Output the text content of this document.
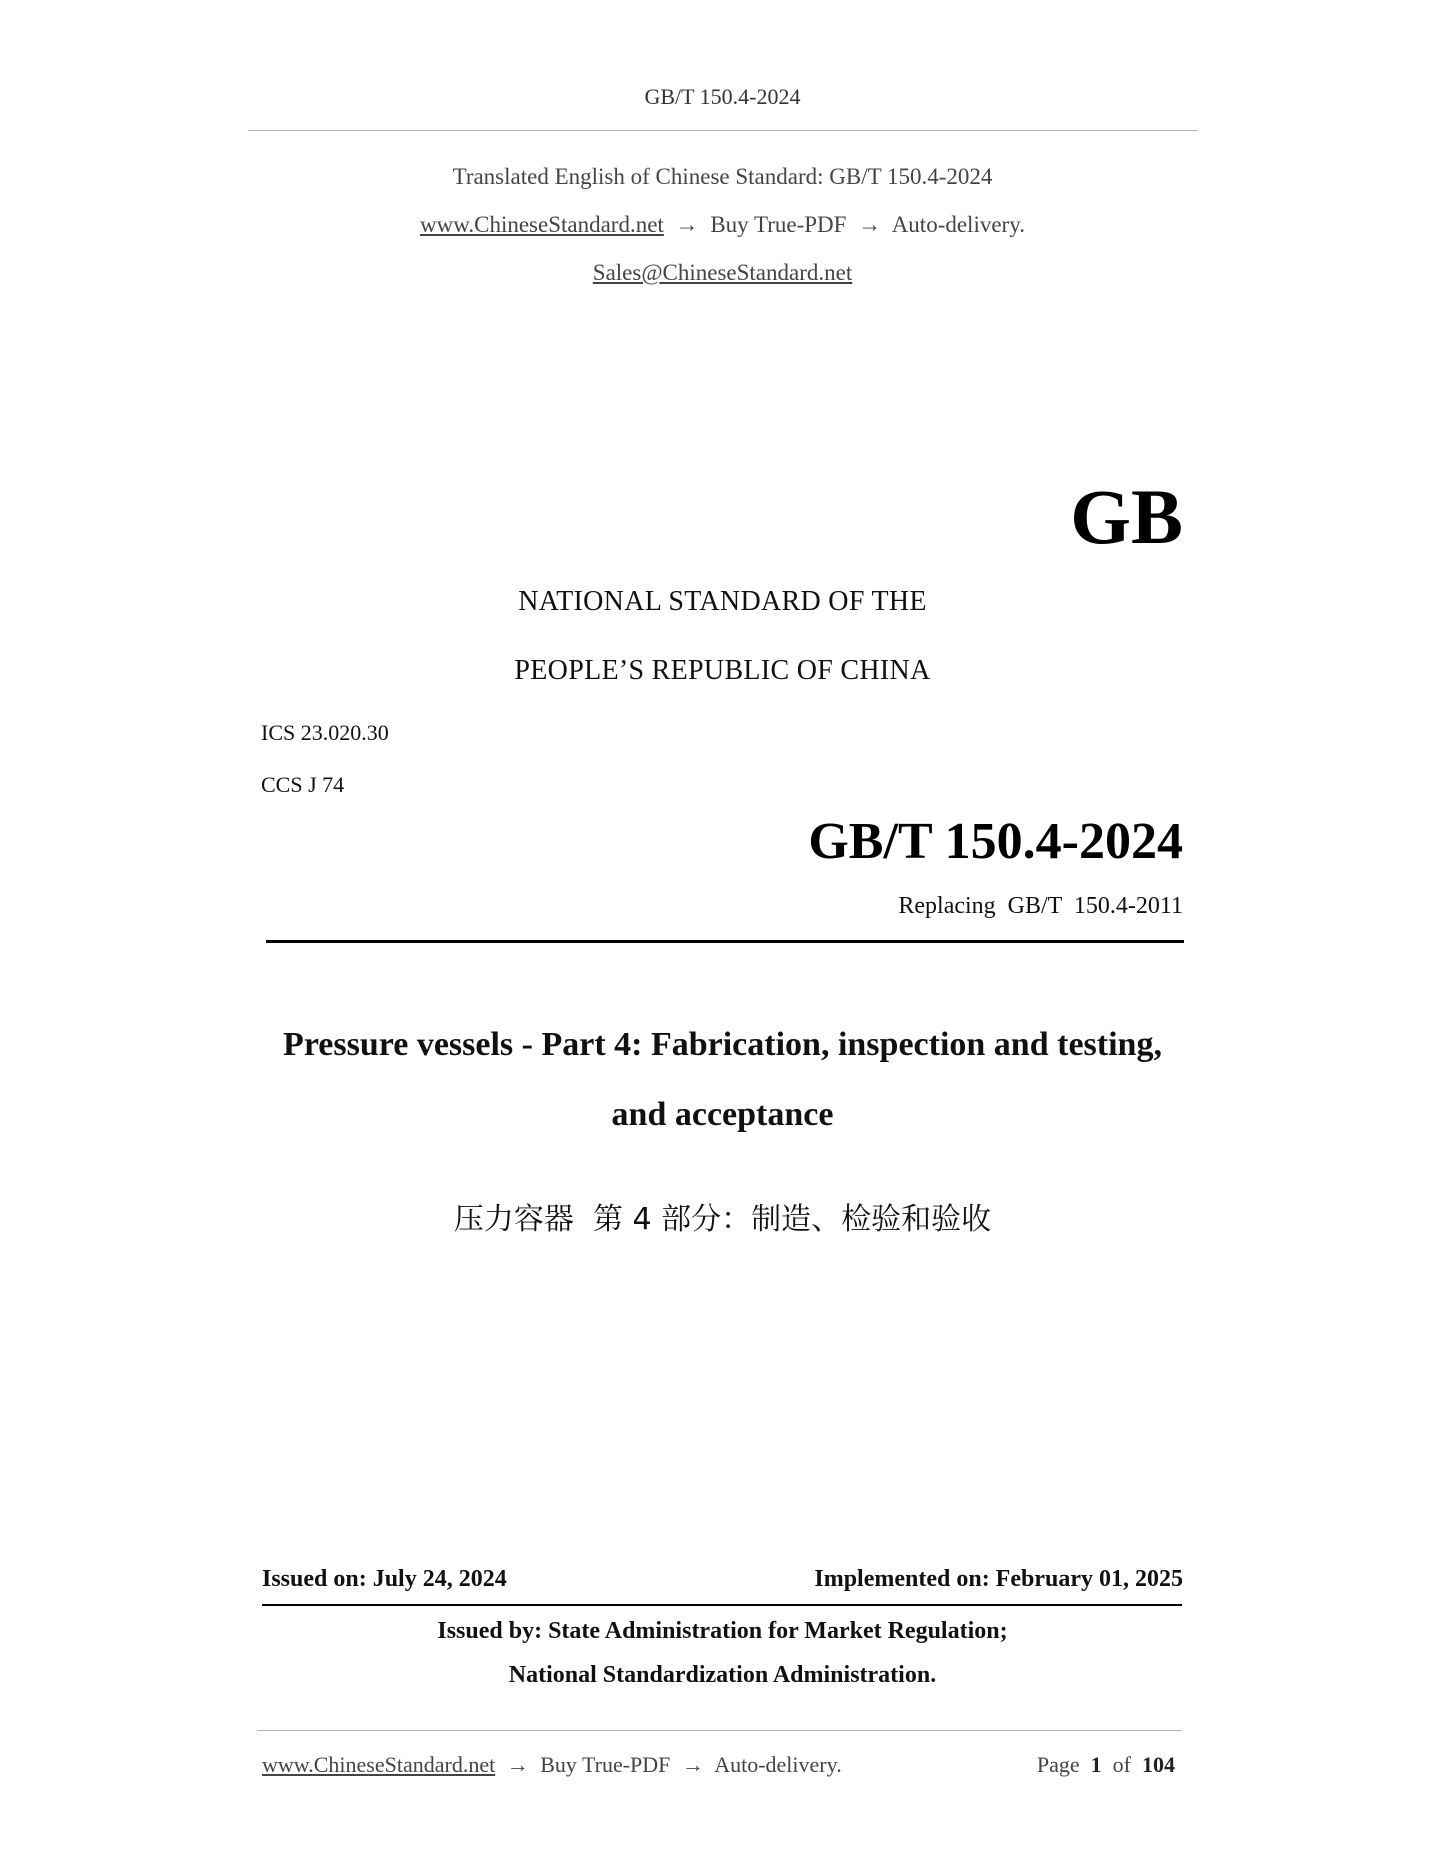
GB/T 150.4-2024
Translated English of Chinese Standard: GB/T 150.4-2024
www.ChineseStandard.net → Buy True-PDF → Auto-delivery.
Sales@ChineseStandard.net
GB
NATIONAL STANDARD OF THE
PEOPLE’S REPUBLIC OF CHINA
ICS 23.020.30
CCS J 74
GB/T 150.4-2024
Replacing  GB/T  150.4-2011
Pressure vessels - Part 4: Fabrication, inspection and testing,
and acceptance
压力容器  第 4 部分：制造、检验和验收
Issued on: July 24, 2024	Implemented on: February 01, 2025
Issued by: State Administration for Market Regulation;
National Standardization Administration.
www.ChineseStandard.net → Buy True-PDF → Auto-delivery.	Page 1 of 104
